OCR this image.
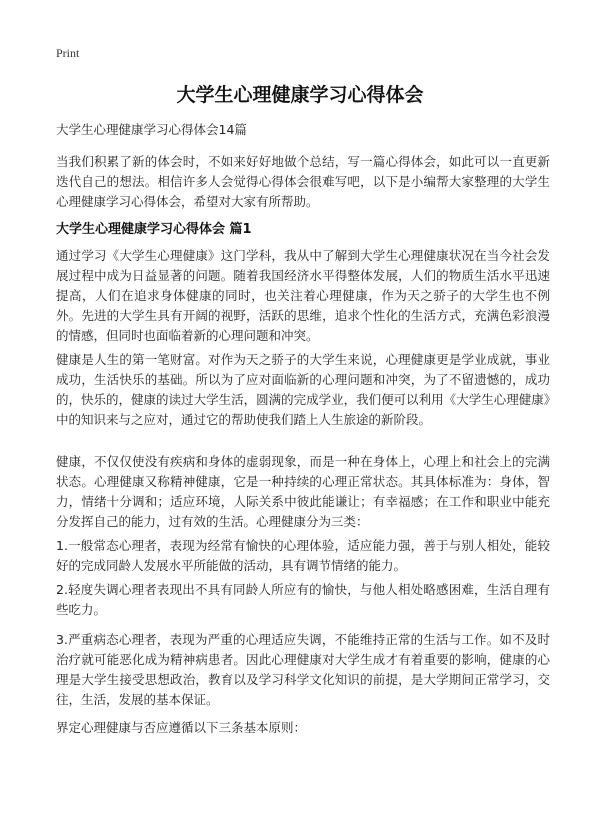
Print
大学生心理健康学习心得体会

大学生心理健康学习心得体会14篇

当我们积累了新的体会时，不如来好好地做个总结，写一篇心得体会，如此可以一直更新迭代自己的想法。相信许多人会觉得心得体会很难写吧，以下是小编帮大家整理的大学生心理健康学习心得体会，希望对大家有所帮助。

大学生心理健康学习心得体会 篇1

通过学习《大学生心理健康》这门学科，我从中了解到大学生心理健康状况在当今社会发展过程中成为日益显著的问题。随着我国经济水平得整体发展，人们的物质生活水平迅速提高，人们在追求身体健康的同时，也关注着心理健康，作为天之骄子的大学生也不例外。先进的大学生具有开阔的视野，活跃的思维，追求个性化的生活方式，充满色彩浪漫的情感，但同时也面临着新的心理问题和冲突。

健康是人生的第一笔财富。对作为天之骄子的大学生来说，心理健康更是学业成就，事业成功，生活快乐的基础。所以为了应对面临新的心理问题和冲突，为了不留遗憾的，成功的，快乐的，健康的读过大学生活，圆满的完成学业，我们便可以利用《大学生心理健康》中的知识来与之应对，通过它的帮助使我们踏上人生旅途的新阶段。

健康，不仅仅使没有疾病和身体的虚弱现象，而是一种在身体上，心理上和社会上的完满状态。心理健康又称精神健康，它是一种持续的心理正常状态。其具体标准为：身体，智力，情绪十分调和；适应环境，人际关系中彼此能谦让；有幸福感；在工作和职业中能充分发挥自己的能力，过有效的生活。心理健康分为三类：

1.一般常态心理者，表现为经常有愉快的心理体验，适应能力强，善于与别人相处，能较好的完成同龄人发展水平所能做的活动，具有调节情绪的能力。

2.轻度失调心理者表现出不具有同龄人所应有的愉快，与他人相处略感困难，生活自理有些吃力。

3.严重病态心理者，表现为严重的心理适应失调，不能维持正常的生活与工作。如不及时治疗就可能恶化成为精神病患者。因此心理健康对大学生成才有着重要的影响，健康的心理是大学生接受思想政治，教育以及学习科学文化知识的前提，是大学期间正常学习，交往，生活，发展的基本保证。

界定心理健康与否应遵循以下三条基本原则：
